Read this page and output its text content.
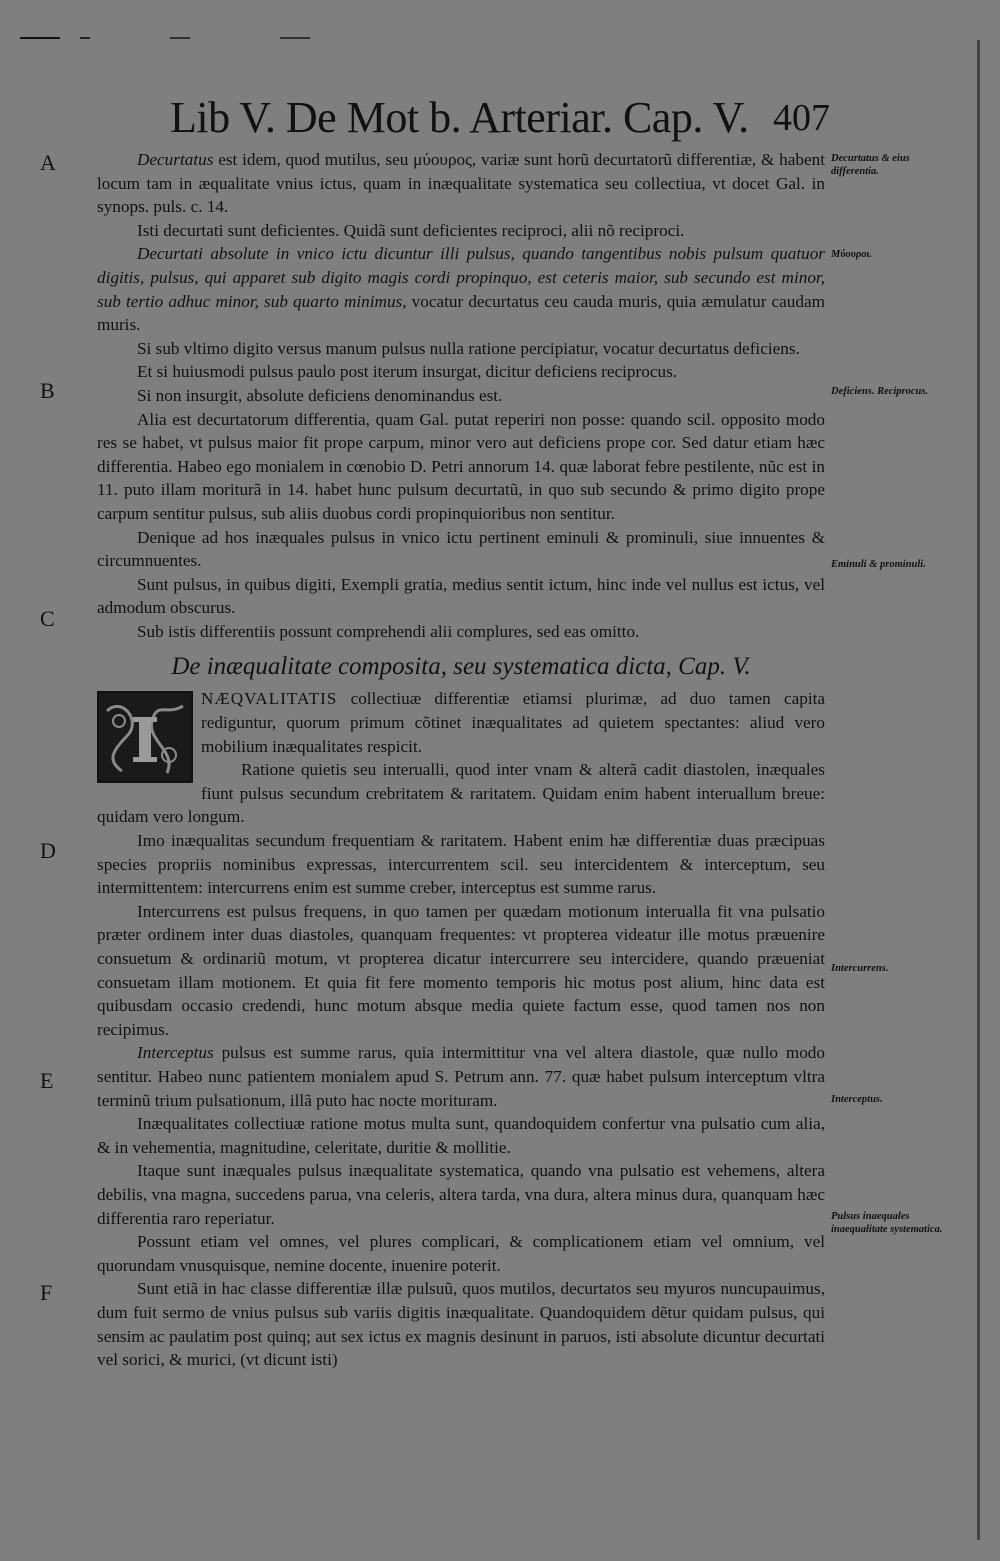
Lib V. De Mot b. Arteriar. Cap. V. 407
A
B
C
D
E
F
Decurtatus & eius differentia.
Μύουροι.
Deficiens. Reciprocus.
Eminuli & prominuli.
Intercurrens.
Interceptus.
Pulsus inaequales inaequalitate systematica.

Decurtatus est idem, quod mutilus, seu μύουρος, variæ sunt horũ decurtatorũ differentiæ, & habent locum tam in æqualitate vnius ictus, quam in inæqualitate systematica seu collectiua, vt docet Gal. in synops. puls. c. 14.

Isti decurtati sunt deficientes. Quidã sunt deficientes reciproci, alii nõ reciproci.

Decurtati absolute in vnico ictu dicuntur illi pulsus, quando tangentibus nobis pulsum quatuor digitis, pulsus, qui apparet sub digito magis cordi propinquo, est ceteris maior, sub secundo est minor, sub tertio adhuc minor, sub quarto minimus, vocatur decurtatus ceu cauda muris, quia æmulatur caudam muris.

Si sub vltimo digito versus manum pulsus nulla ratione percipiatur, vocatur decurtatus deficiens.

Et si huiusmodi pulsus paulo post iterum insurgat, dicitur deficiens reciprocus.

Si non insurgit, absolute deficiens denominandus est.

Alia est decurtatorum differentia, quam Gal. putat reperiri non posse: quando scil. opposito modo res se habet, vt pulsus maior fit prope carpum, minor vero aut deficiens prope cor. Sed datur etiam hæc differentia. Habeo ego monialem in cœnobio D. Petri annorum 14. quæ laborat febre pestilente, nũc est in 11. puto illam moriturã in 14. habet hunc pulsum decurtatũ, in quo sub secundo & primo digito prope carpum sentitur pulsus, sub aliis duobus cordi propinquioribus non sentitur.

Denique ad hos inæquales pulsus in vnico ictu pertinent eminuli & prominuli, siue innuentes & circumnuentes.

Sunt pulsus, in quibus digiti, Exempli gratia, medius sentit ictum, hinc inde vel nullus est ictus, vel admodum obscurus.

Sub istis differentiis possunt comprehendi alii complures, sed eas omitto.

De inæqualitate composita, seu systematica dicta, Cap. V.

NÆQVALITATIS collectiuæ differentiæ etiamsi plurimæ, ad duo tamen capita rediguntur, quorum primum cõtinet inæqualitates ad quietem spectantes: aliud vero mobilium inæqualitates respicit.

Ratione quietis seu interualli, quod inter vnam & alterã cadit diastolen, inæquales fiunt pulsus secundum crebritatem & raritatem. Quidam enim habent interuallum breue: quidam vero longum.

Imo inæqualitas secundum frequentiam & raritatem. Habent enim hæ differentiæ duas præcipuas species propriis nominibus expressas, intercurrentem scil. seu intercidentem & interceptum, seu intermittentem: intercurrens enim est summe creber, interceptus est summe rarus.

Intercurrens est pulsus frequens, in quo tamen per quædam motionum interualla fit vna pulsatio præter ordinem inter duas diastoles, quanquam frequentes: vt propterea videatur ille motus præuenire consuetum & ordinariũ motum, vt propterea dicatur intercurrere seu intercidere, quando præueniat consuetam illam motionem. Et quia fit fere momento temporis hic motus post alium, hinc data est quibusdam occasio credendi, hunc motum absque media quiete factum esse, quod tamen nos non recipimus.

Interceptus pulsus est summe rarus, quia intermittitur vna vel altera diastole, quæ nullo modo sentitur. Habeo nunc patientem monialem apud S. Petrum ann. 77. quæ habet pulsum interceptum vltra terminũ trium pulsationum, illã puto hac nocte morituram.

Inæqualitates collectiuæ ratione motus multa sunt, quandoquidem confertur vna pulsatio cum alia, & in vehementia, magnitudine, celeritate, duritie & mollitie.

Itaque sunt inæquales pulsus inæqualitate systematica, quando vna pulsatio est vehemens, altera debilis, vna magna, succedens parua, vna celeris, altera tarda, vna dura, altera minus dura, quanquam hæc differentia raro reperiatur.

Possunt etiam vel omnes, vel plures complicari, & complicationem etiam vel omnium, vel quorundam vnusquisque, nemine docente, inuenire poterit.

Sunt etiã in hac classe differentiæ illæ pulsuũ, quos mutilos, decurtatos seu myuros nuncupauimus, dum fuit sermo de vnius pulsus sub variis digitis inæqualitate. Quandoquidem dẽtur quidam pulsus, qui sensim ac paulatim post quinq; aut sex ictus ex magnis desinunt in paruos, isti absolute dicuntur decurtati vel sorici, & murici, (vt dicunt isti)
